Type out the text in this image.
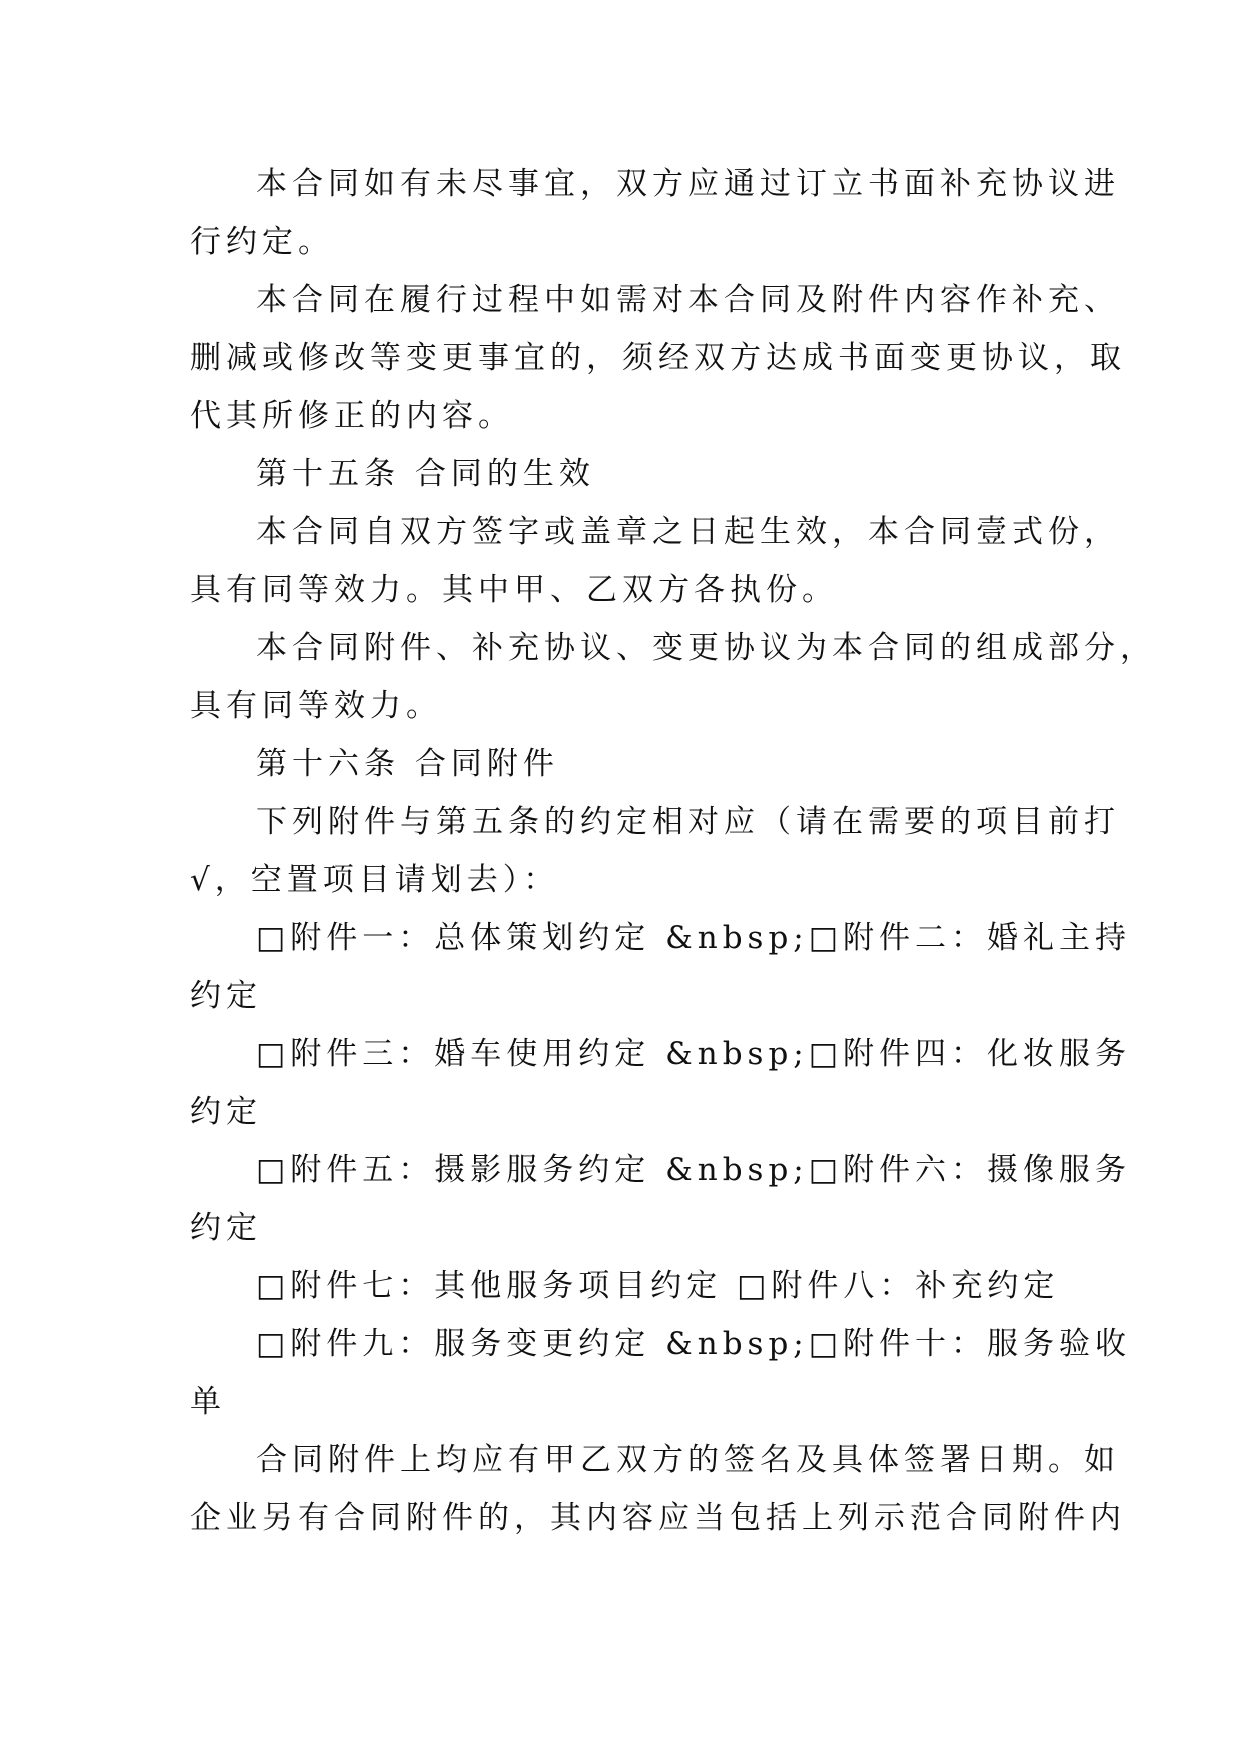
本合同如有未尽事宜，双方应通过订立书面补充协议进
行约定。
本合同在履行过程中如需对本合同及附件内容作补充、
删减或修改等变更事宜的，须经双方达成书面变更协议，取
代其所修正的内容。
第十五条 合同的生效
本合同自双方签字或盖章之日起生效，本合同壹式份，
具有同等效力。其中甲、乙双方各执份。
本合同附件、补充协议、变更协议为本合同的组成部分，
具有同等效力。
第十六条 合同附件
下列附件与第五条的约定相对应（请在需要的项目前打
√，空置项目请划去）：
□附件一：总体策划约定 &nbsp;□附件二：婚礼主持
约定
□附件三：婚车使用约定 &nbsp;□附件四：化妆服务
约定
□附件五：摄影服务约定 &nbsp;□附件六：摄像服务
约定
□附件七：其他服务项目约定 □附件八：补充约定
□附件九：服务变更约定 &nbsp;□附件十：服务验收
单
合同附件上均应有甲乙双方的签名及具体签署日期。如
企业另有合同附件的，其内容应当包括上列示范合同附件内
